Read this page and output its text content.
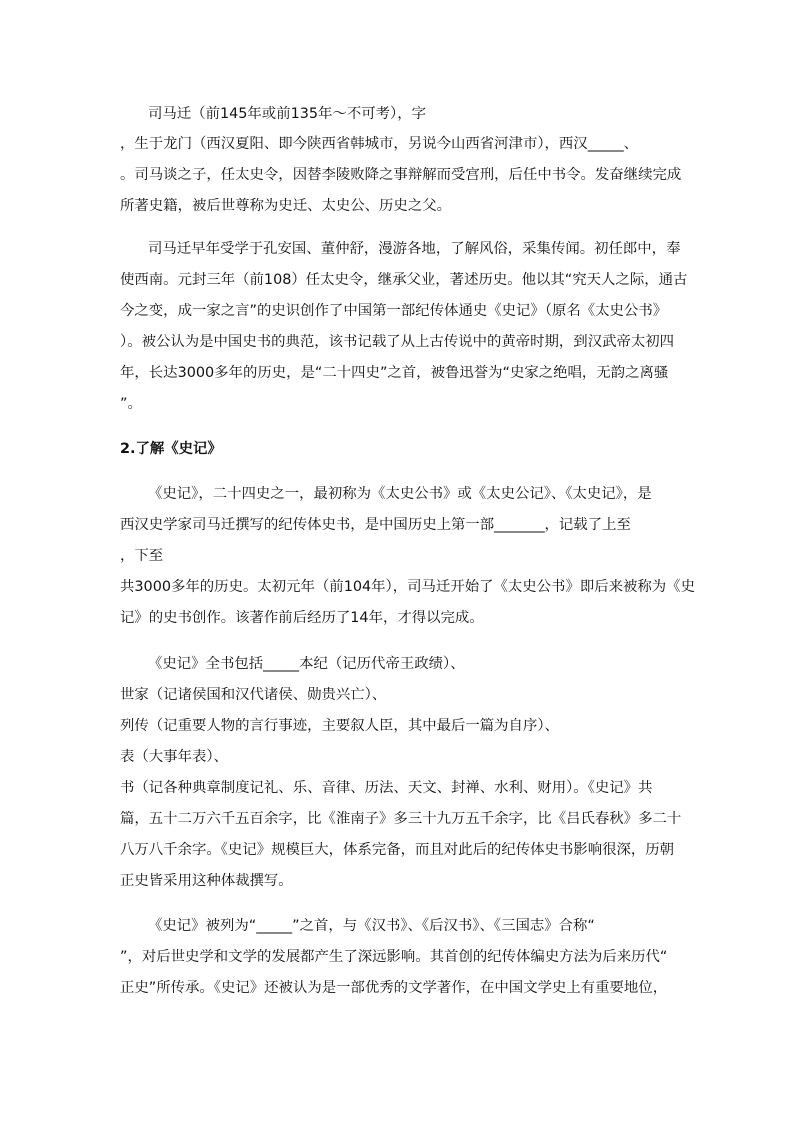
司马迁（前145年或前135年～不可考），字
，生于龙门（西汉夏阳、即今陕西省韩城市，另说今山西省河津市），西汉_____、
。司马谈之子，任太史令，因替李陵败降之事辩解而受宫刑，后任中书令。发奋继续完成
所著史籍，被后世尊称为史迁、太史公、历史之父。
司马迁早年受学于孔安国、董仲舒，漫游各地，了解风俗，采集传闻。初任郎中，奉
使西南。元封三年（前108）任太史令，继承父业，著述历史。他以其“究天人之际，通古
今之变，成一家之言”的史识创作了中国第一部纪传体通史《史记》（原名《太史公书》
）。被公认为是中国史书的典范，该书记载了从上古传说中的黄帝时期，到汉武帝太初四
年，长达3000多年的历史，是“二十四史”之首，被鲁迅誉为“史家之绝唱，无韵之离骚
”。
2.了解《史记》
《史记》，二十四史之一，最初称为《太史公书》或《太史公记》、《太史记》，是
西汉史学家司马迁撰写的纪传体史书，是中国历史上第一部_______，记载了上至
，下至
共3000多年的历史。太初元年（前104年），司马迁开始了《太史公书》即后来被称为《史
记》的史书创作。该著作前后经历了14年，才得以完成。
《史记》全书包括_____本纪（记历代帝王政绩）、
世家（记诸侯国和汉代诸侯、勋贵兴亡）、
列传（记重要人物的言行事迹，主要叙人臣，其中最后一篇为自序）、
表（大事年表）、
书（记各种典章制度记礼、乐、音律、历法、天文、封禅、水利、财用）。《史记》共
篇，五十二万六千五百余字，比《淮南子》多三十九万五千余字，比《吕氏春秋》多二十
八万八千余字。《史记》规模巨大，体系完备，而且对此后的纪传体史书影响很深，历朝
正史皆采用这种体裁撰写。
《史记》被列为“_____”之首，与《汉书》、《后汉书》、《三国志》合称“
”，对后世史学和文学的发展都产生了深远影响。其首创的纪传体编史方法为后来历代“
正史”所传承。《史记》还被认为是一部优秀的文学著作，在中国文学史上有重要地位，
